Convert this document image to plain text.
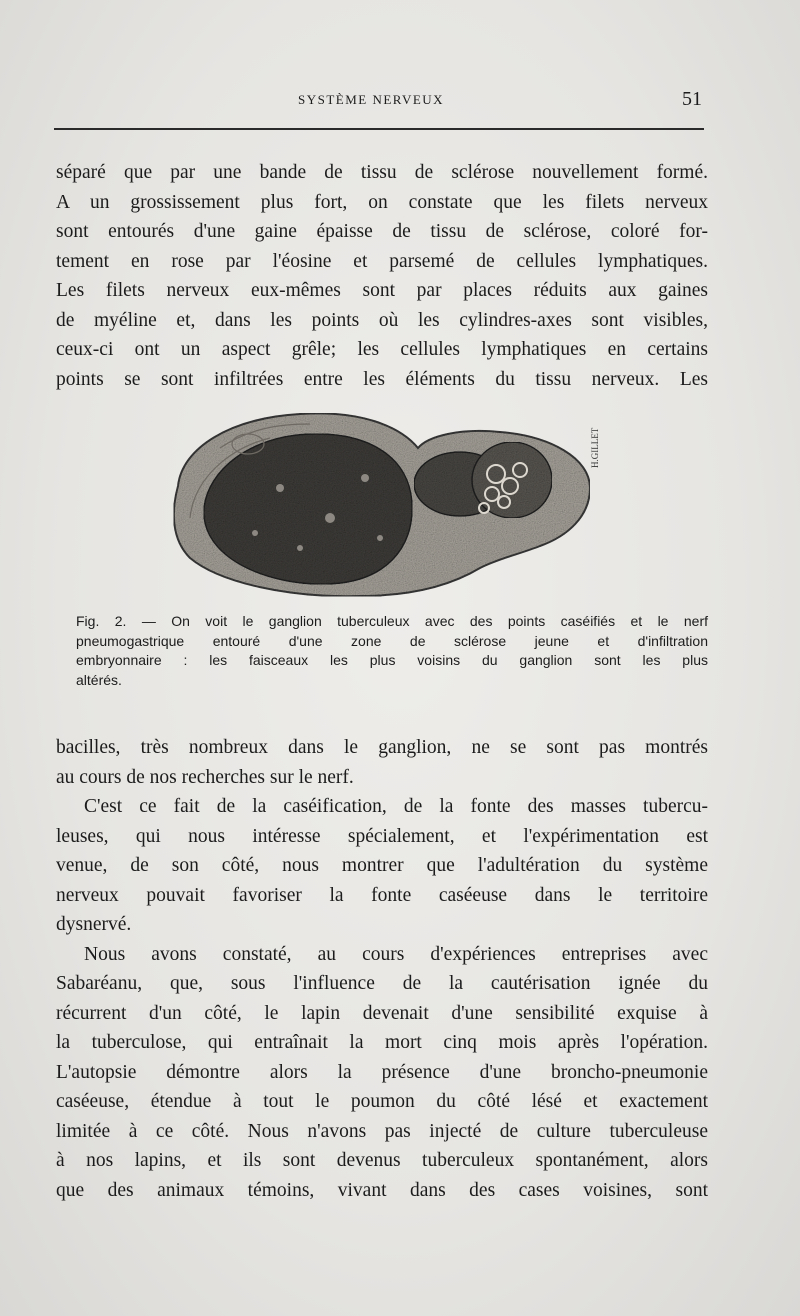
SYSTÈME NERVEUX	51
séparé que par une bande de tissu de sclérose nouvellement formé.
A un grossissement plus fort, on constate que les filets nerveux
sont entourés d'une gaine épaisse de tissu de sclérose, coloré for-
tement en rose par l'éosine et parsemé de cellules lymphatiques.
Les filets nerveux eux-mêmes sont par places réduits aux gaines
de myéline et, dans les points où les cylindres-axes sont visibles,
ceux-ci ont un aspect grêle; les cellules lymphatiques en certains
points se sont infiltrées entre les éléments du tissu nerveux. Les
H.GILLET
Fig. 2. — On voit le ganglion tuberculeux avec des points caséifiés et le nerf
pneumogastrique entouré d'une zone de sclérose jeune et d'infiltration
embryonnaire : les faisceaux les plus voisins du ganglion sont les plus
altérés.
bacilles, très nombreux dans le ganglion, ne se sont pas montrés
au cours de nos recherches sur le nerf.
C'est ce fait de la caséification, de la fonte des masses tubercu-
leuses, qui nous intéresse spécialement, et l'expérimentation est
venue, de son côté, nous montrer que l'adultération du système
nerveux pouvait favoriser la fonte caséeuse dans le territoire
dysnervé.
Nous avons constaté, au cours d'expériences entreprises avec
Sabaréanu, que, sous l'influence de la cautérisation ignée du
récurrent d'un côté, le lapin devenait d'une sensibilité exquise à
la tuberculose, qui entraînait la mort cinq mois après l'opération.
L'autopsie démontre alors la présence d'une broncho-pneumonie
caséeuse, étendue à tout le poumon du côté lésé et exactement
limitée à ce côté. Nous n'avons pas injecté de culture tuberculeuse
à nos lapins, et ils sont devenus tuberculeux spontanément, alors
que des animaux témoins, vivant dans des cases voisines, sont
